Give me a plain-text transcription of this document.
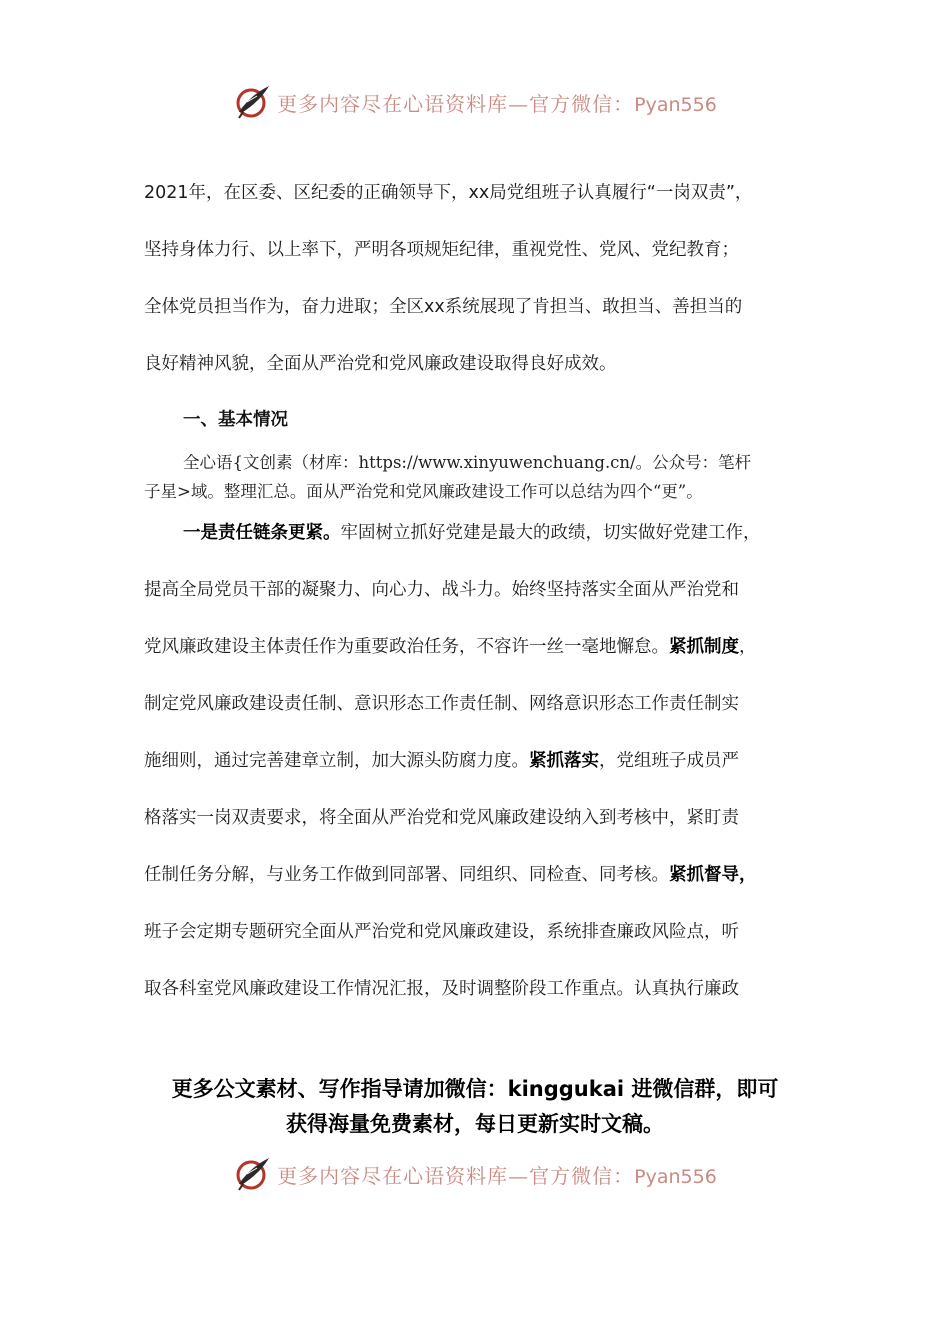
更多内容尽在心语资料库—官方微信：Pyan556
2021年，在区委、区纪委的正确领导下，xx局党组班子认真履行“一岗双责”，
坚持身体力行、以上率下，严明各项规矩纪律，重视党性、党风、党纪教育；
全体党员担当作为，奋力进取；全区xx系统展现了肯担当、敢担当、善担当的
良好精神风貌，全面从严治党和党风廉政建设取得良好成效。
一、基本情况
全心语{文创素（材库：https://www.xinyuwenchuang.cn/。公众号：笔杆
子星>域。整理汇总。面从严治党和党风廉政建设工作可以总结为四个“更”。
一是责任链条更紧。牢固树立抓好党建是最大的政绩，切实做好党建工作，
提高全局党员干部的凝聚力、向心力、战斗力。始终坚持落实全面从严治党和
党风廉政建设主体责任作为重要政治任务，不容许一丝一毫地懈怠。紧抓制度，
制定党风廉政建设责任制、意识形态工作责任制、网络意识形态工作责任制实
施细则，通过完善建章立制，加大源头防腐力度。紧抓落实，党组班子成员严
格落实一岗双责要求，将全面从严治党和党风廉政建设纳入到考核中，紧盯责
任制任务分解，与业务工作做到同部署、同组织、同检查、同考核。紧抓督导，
班子会定期专题研究全面从严治党和党风廉政建设，系统排查廉政风险点，听
取各科室党风廉政建设工作情况汇报，及时调整阶段工作重点。认真执行廉政
更多公文素材、写作指导请加微信：kinggukai 进微信群，即可
获得海量免费素材，每日更新实时文稿。
更多内容尽在心语资料库—官方微信：Pyan556
